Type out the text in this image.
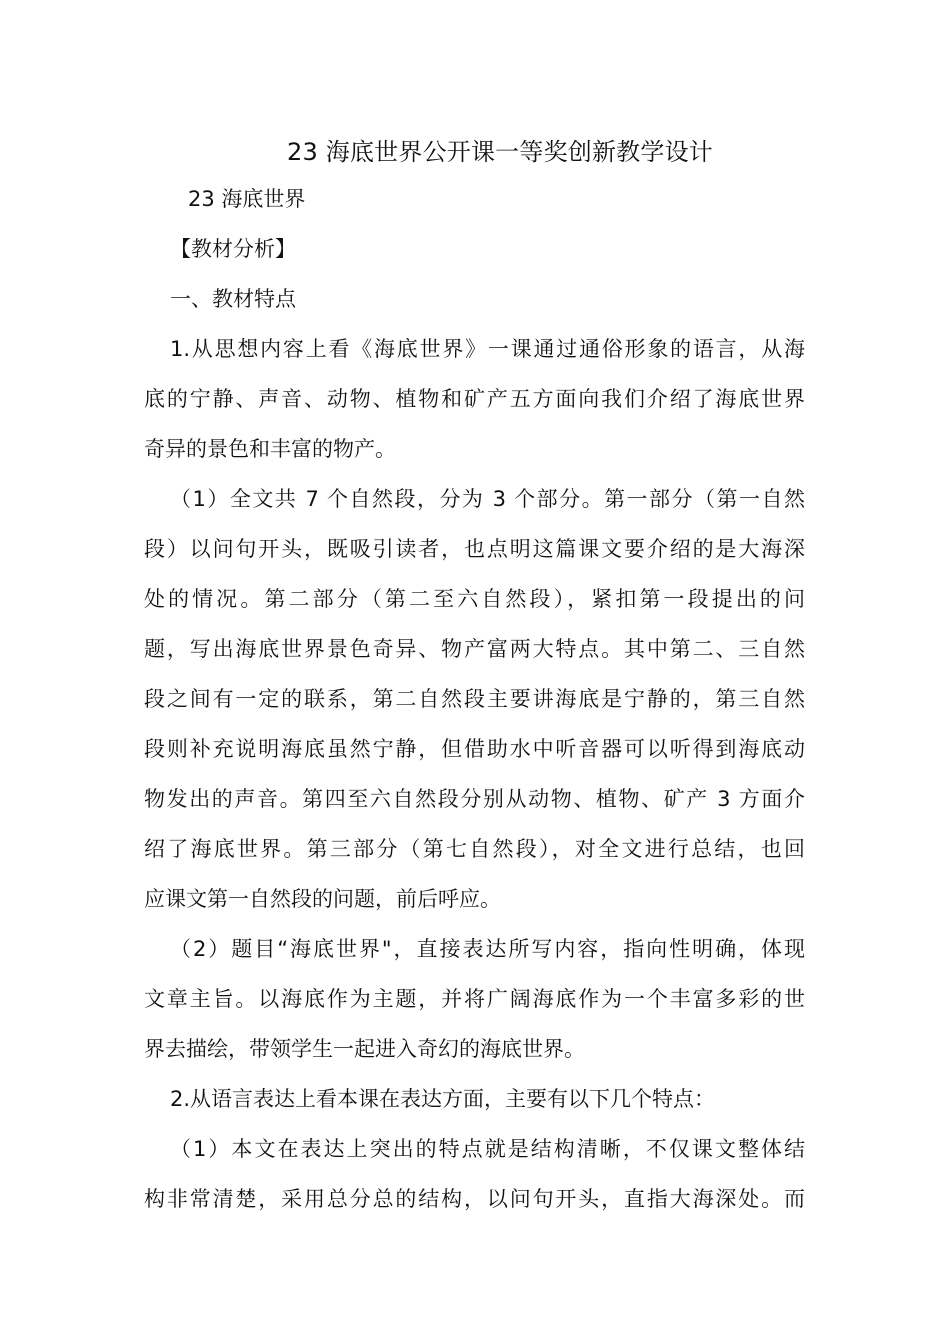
23 海底世界公开课一等奖创新教学设计
23 海底世界
【教材分析】
一、教材特点
1.从思想内容上看《海底世界》一课通过通俗形象的语言，从海
底的宁静、声音、动物、植物和矿产五方面向我们介绍了海底世界
奇异的景色和丰富的物产。
（1）全文共 7 个自然段，分为 3 个部分。第一部分（第一自然
段）以问句开头，既吸引读者，也点明这篇课文要介绍的是大海深
处的情况。第二部分（第二至六自然段），紧扣第一段提出的问
题，写出海底世界景色奇异、物产富两大特点。其中第二、三自然
段之间有一定的联系，第二自然段主要讲海底是宁静的，第三自然
段则补充说明海底虽然宁静，但借助水中听音器可以听得到海底动
物发出的声音。第四至六自然段分别从动物、植物、矿产 3 方面介
绍了海底世界。第三部分（第七自然段），对全文进行总结，也回
应课文第一自然段的问题，前后呼应。
（2）题目“海底世界"，直接表达所写内容，指向性明确，体现
文章主旨。以海底作为主题，并将广阔海底作为一个丰富多彩的世
界去描绘，带领学生一起进入奇幻的海底世界。
2.从语言表达上看本课在表达方面，主要有以下几个特点：
（1）本文在表达上突出的特点就是结构清晰，不仅课文整体结
构非常清楚，采用总分总的结构，以问句开头，直指大海深处。而
